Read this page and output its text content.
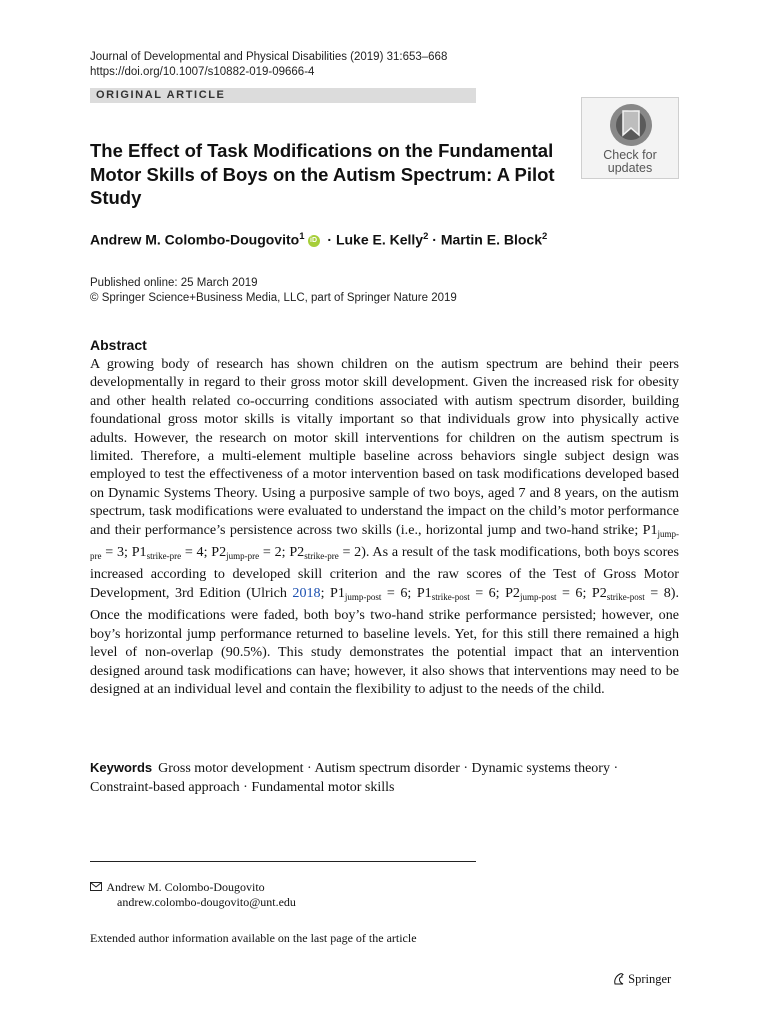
Journal of Developmental and Physical Disabilities (2019) 31:653–668
https://doi.org/10.1007/s10882-019-09666-4
ORIGINAL ARTICLE
The Effect of Task Modifications on the Fundamental
Motor Skills of Boys on the Autism Spectrum: A Pilot
Study
Check for
updates
Andrew M. Colombo-Dougovito$^1$ iD · Luke E. Kelly$^2$ · Martin E. Block$^2$
Published online: 25 March 2019
© Springer Science+Business Media, LLC, part of Springer Nature 2019
Abstract
A growing body of research has shown children on the autism spectrum are behind their peers developmentally in regard to their gross motor skill development. Given the increased risk for obesity and other health related co-occurring conditions associated with autism spectrum disorder, building foundational gross motor skills is vitally important so that individuals grow into physically active adults. However, the research on motor skill interventions for children on the autism spectrum is limited. Therefore, a multi-element multiple baseline across behaviors single subject design was employed to test the effectiveness of a motor intervention based on task modifications developed based on Dynamic Systems Theory. Using a purposive sample of two boys, aged 7 and 8 years, on the autism spectrum, task modifications were evaluated to understand the impact on the child’s motor performance and their performance’s persistence across two skills (i.e., horizontal jump and two-hand strike; $P1_{jump-pre} = 3$; $P1_{strike-pre} = 4$; $P2_{jump-pre} = 2$; $P2_{strike-pre} = 2$). As a result of the task modifications, both boys scores increased according to developed skill criterion and the raw scores of the Test of Gross Motor Development, 3rd Edition (Ulrich 2018; $P1_{jump-post} = 6$; $P1_{strike-post} = 6$; $P2_{jump-post} = 6$; $P2_{strike-post} = 8$). Once the modifications were faded, both boy’s two-hand strike performance persisted; however, one boy’s horizontal jump performance returned to baseline levels. Yet, for this still there remained a high level of non-overlap (90.5%). This study demonstrates the potential impact that an intervention designed around task modifications can have; however, it also shows that interventions may need to be designed at an individual level and contain the flexibility to adjust to the needs of the child.
Keywords Gross motor development · Autism spectrum disorder · Dynamic systems theory · Constraint-based approach · Fundamental motor skills
Andrew M. Colombo-Dougovito
andrew.colombo-dougovito@unt.edu
Extended author information available on the last page of the article
Springer
